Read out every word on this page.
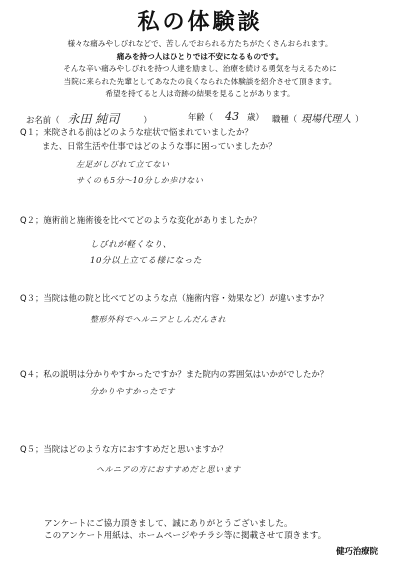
私の体験談
様々な痛みやしびれなどで、苦しんでおられる方たちがたくさんおられます。
痛みを持つ人はひとりでは不安になるものです。
そんな辛い痛みやしびれを持つ人達を励まし、治療を続ける勇気を与えるために
当院に来られた先輩としてあなたの良くなられた体験談を紹介させて頂きます。
希望を持てると人は奇跡の結果を見ることがあります。
お名前（ 永田 純司	）	年齢（ 43 歳） 職種（ 現場代理人 ）
Q１；来院される前はどのような症状で悩まれていましたか？
また、日常生活や仕事ではどのような事に困っていましたか？
左足がしびれて立てない
サくのも5分～10分しか歩けない
Q２；施術前と施術後を比べてどのような変化がありましたか？
しびれが軽くなり、
10分以上立てる様になった
Q３；当院は他の院と比べてどのような点（施術内容・効果など）が違いますか？
整形外科でヘルニアとしんだんされ
Q４；私の説明は分かりやすかったですか？また院内の雰囲気はいかがでしたか？
分かりやすかったです
Q５；当院はどのような方におすすめだと思いますか？
ヘルニアの方におすすめだと思います
アンケートにご協力頂きまして、誠にありがとうございました。
このアンケート用紙は、ホームページやチラシ等に掲載させて頂きます。
健巧治療院
